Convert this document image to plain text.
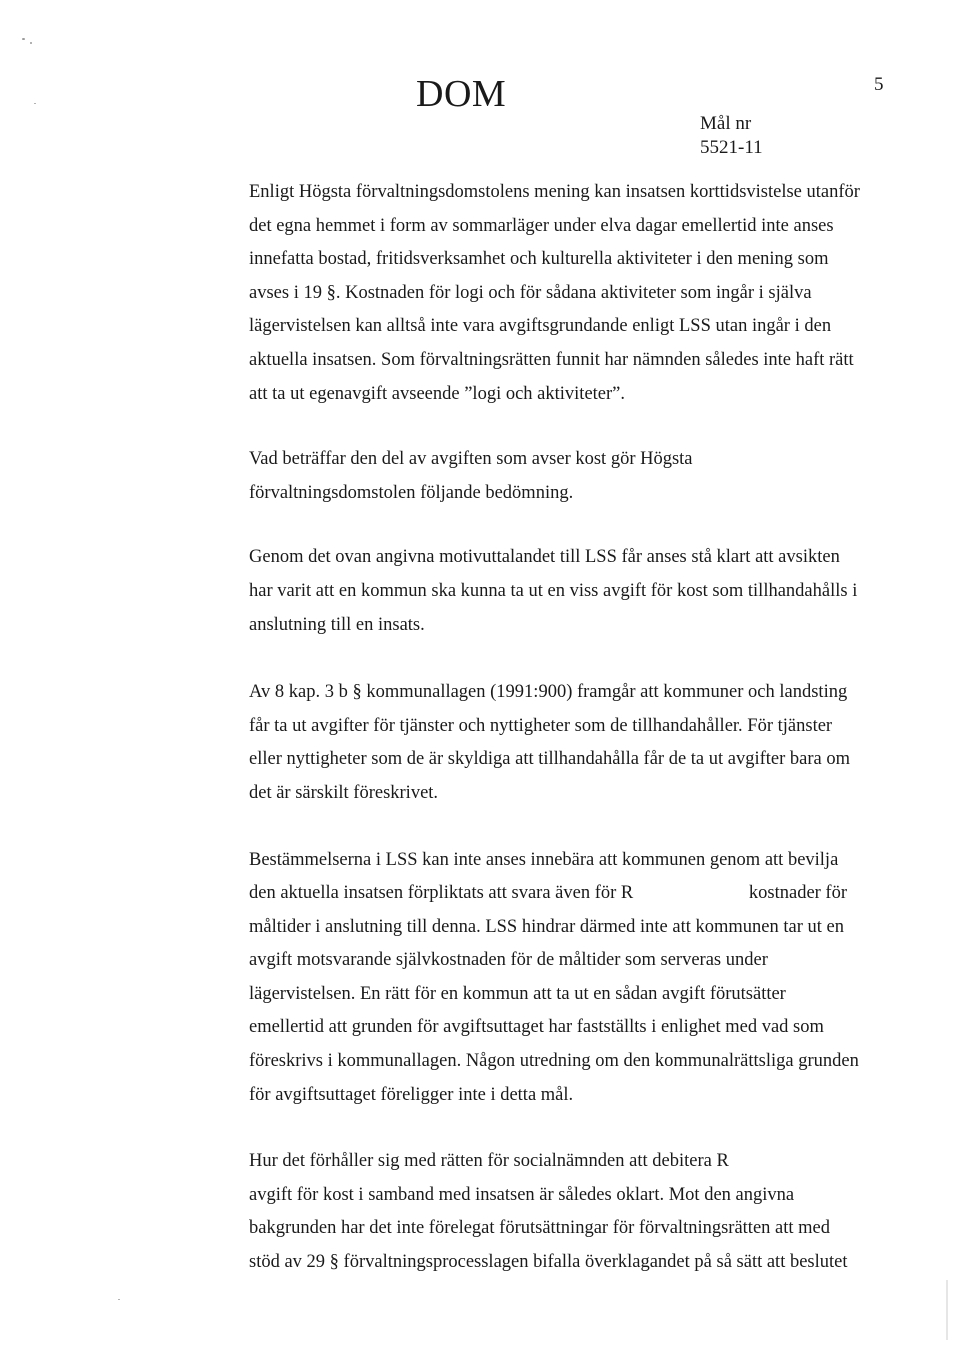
DOM	5
Mål nr
5521-11
Enligt Högsta förvaltningsdomstolens mening kan insatsen korttidsvistelse utanför
det egna hemmet i form av sommarläger under elva dagar emellertid inte anses
innefatta bostad, fritidsverksamhet och kulturella aktiviteter i den mening som
avses i 19 §. Kostnaden för logi och för sådana aktiviteter som ingår i själva
lägervistelsen kan alltså inte vara avgiftsgrundande enligt LSS utan ingår i den
aktuella insatsen. Som förvaltningsrätten funnit har nämnden således inte haft rätt
att ta ut egenavgift avseende ”logi och aktiviteter”.
Vad beträffar den del av avgiften som avser kost gör Högsta
förvaltningsdomstolen följande bedömning.
Genom det ovan angivna motivuttalandet till LSS får anses stå klart att avsikten
har varit att en kommun ska kunna ta ut en viss avgift för kost som tillhandahålls i
anslutning till en insats.
Av 8 kap. 3 b § kommunallagen (1991:900) framgår att kommuner och landsting
får ta ut avgifter för tjänster och nyttigheter som de tillhandahåller. För tjänster
eller nyttigheter som de är skyldiga att tillhandahålla får de ta ut avgifter bara om
det är särskilt föreskrivet.
Bestämmelserna i LSS kan inte anses innebära att kommunen genom att bevilja
den aktuella insatsen förpliktats att svara även för R                         kostnader för
måltider i anslutning till denna. LSS hindrar därmed inte att kommunen tar ut en
avgift motsvarande självkostnaden för de måltider som serveras under
lägervistelsen. En rätt för en kommun att ta ut en sådan avgift förutsätter
emellertid att grunden för avgiftsuttaget har fastställts i enlighet med vad som
föreskrivs i kommunallagen. Någon utredning om den kommunalrättsliga grunden
för avgiftsuttaget föreligger inte i detta mål.
Hur det förhåller sig med rätten för socialnämnden att debitera R
avgift för kost i samband med insatsen är således oklart. Mot den angivna
bakgrunden har det inte förelegat förutsättningar för förvaltningsrätten att med
stöd av 29 § förvaltningsprocesslagen bifalla överklagandet på så sätt att beslutet
